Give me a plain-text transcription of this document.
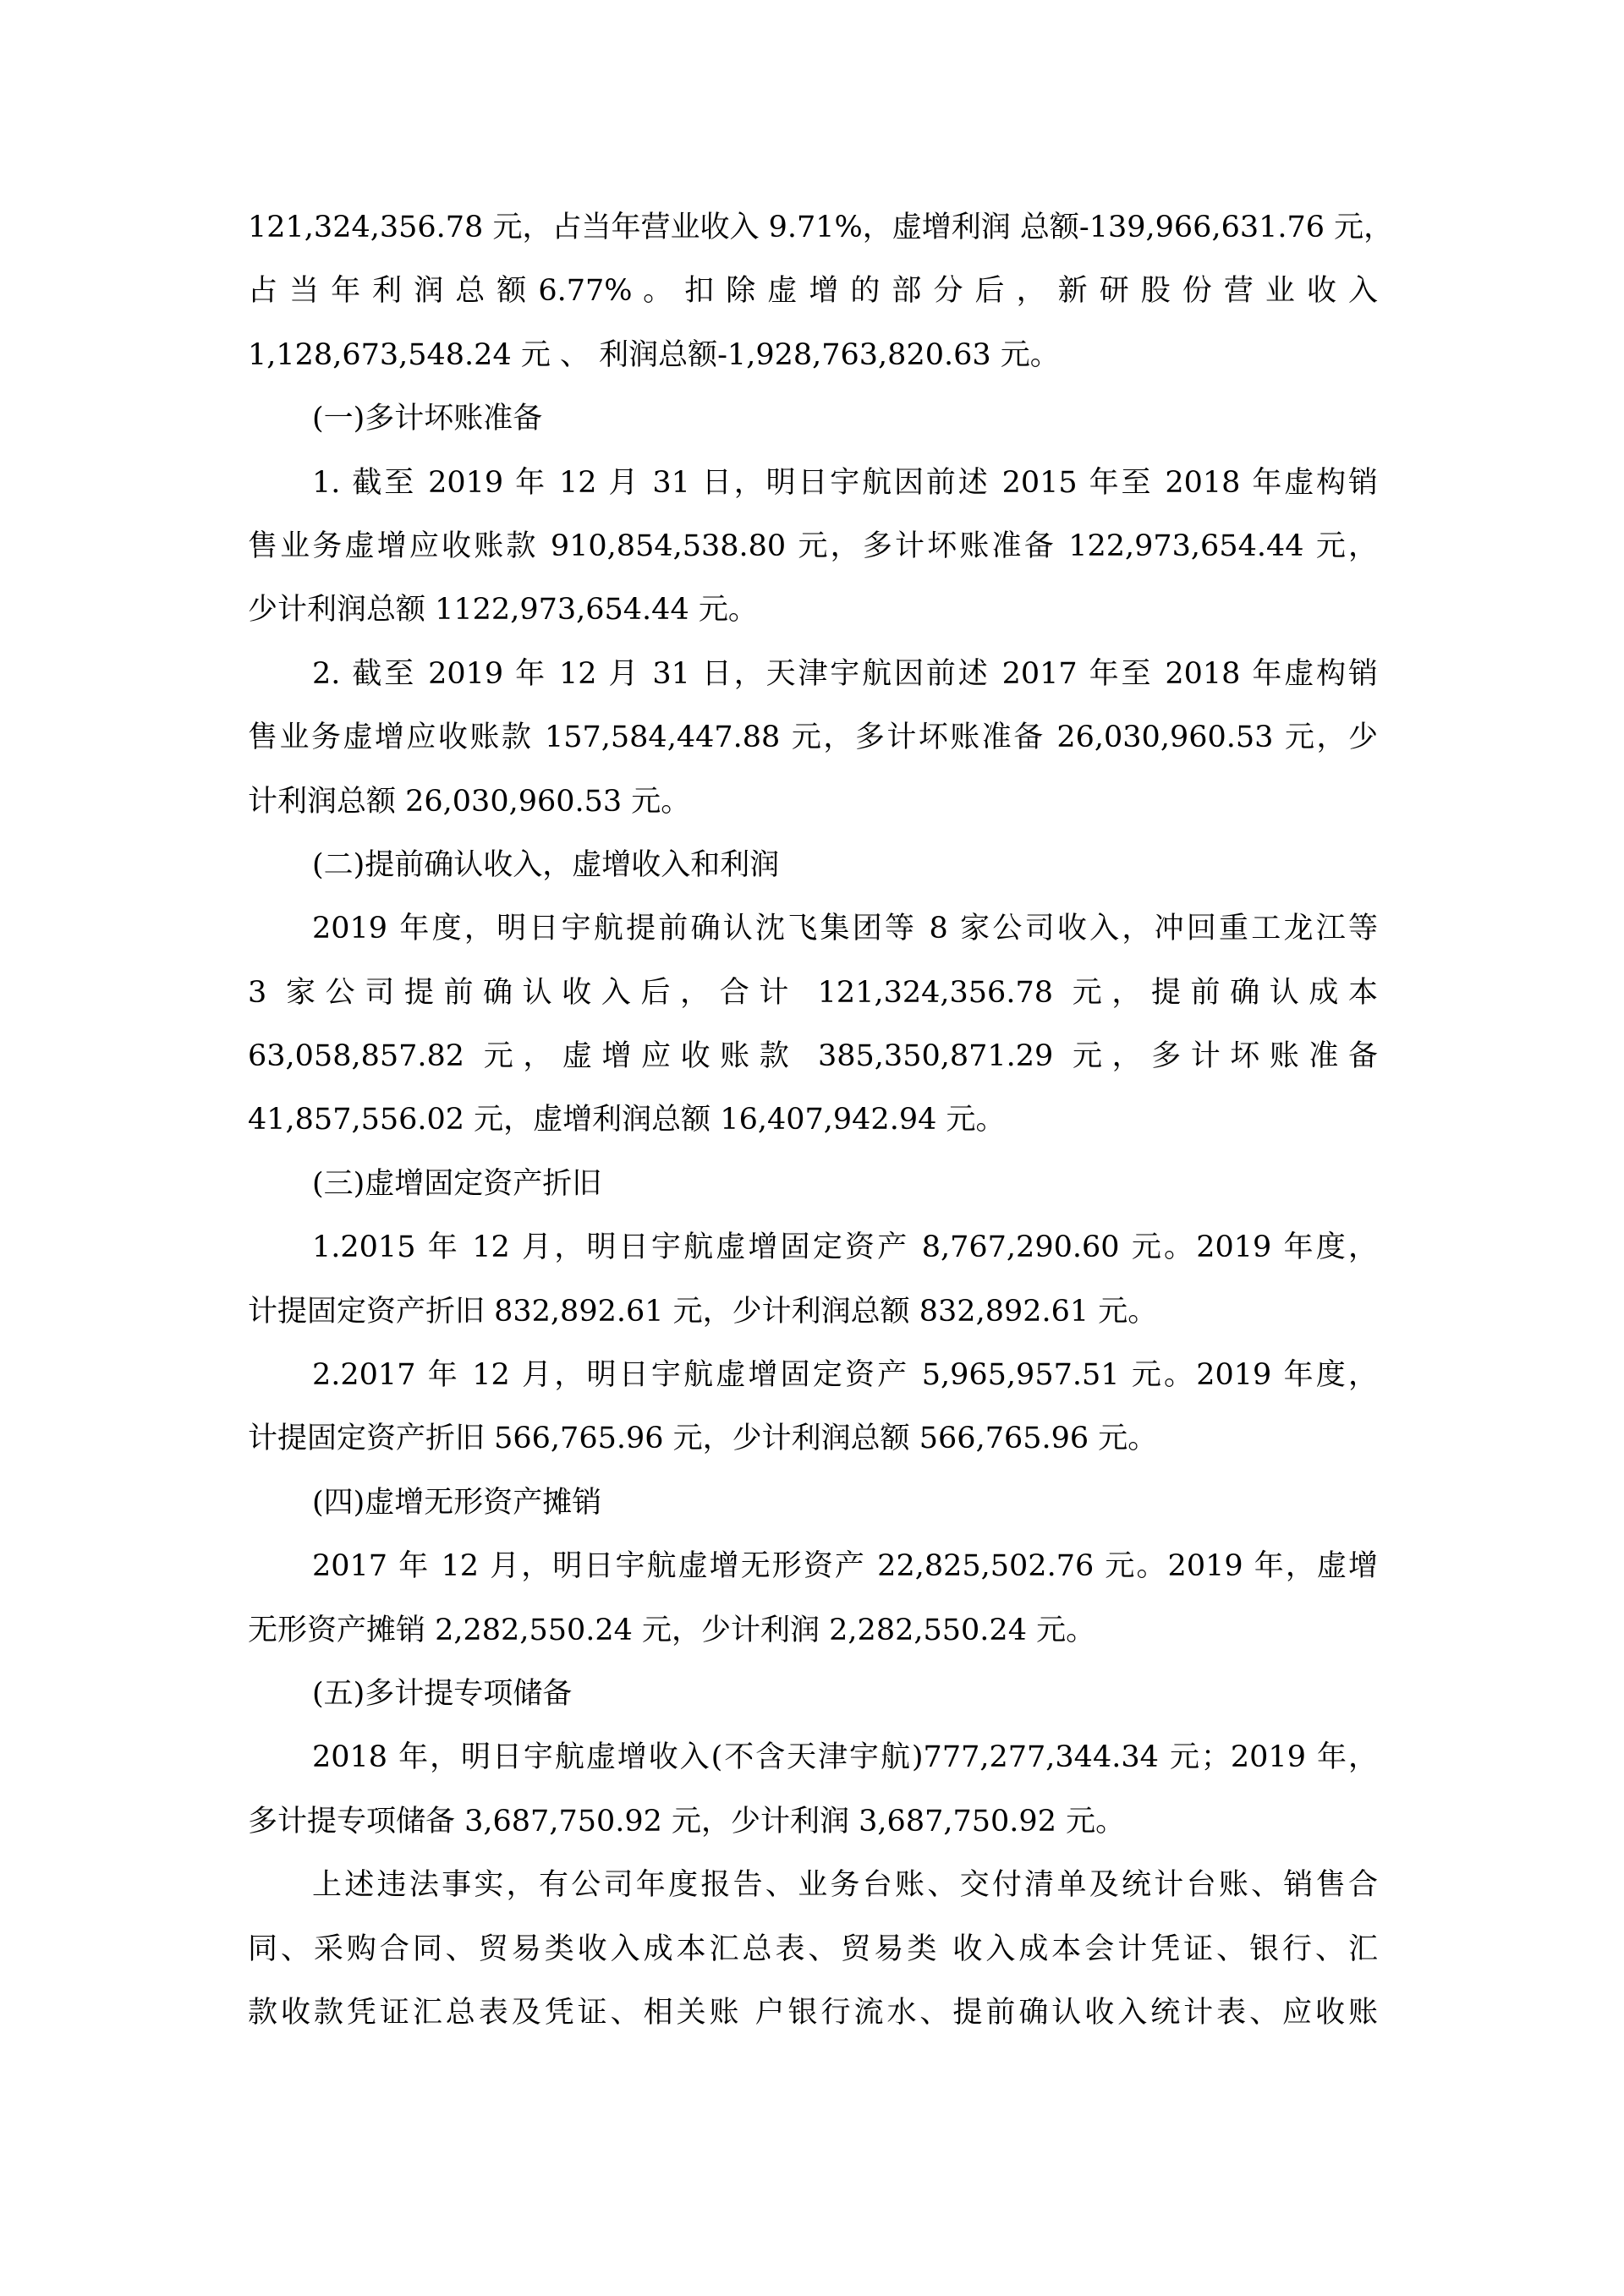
121,324,356.78 元，占当年营业收入 9.71%，虚增利润 总额-139,966,631.76 元，
占 当 年 利 润 总 额 6.77% 。 扣 除 虚 增 的 部 分 后 ， 新 研 股 份 营 业 收 入
1,128,673,548.24 元 、 利润总额-1,928,763,820.63 元。
(一)多计坏账准备
1. 截至 2019 年 12 月 31 日，明日宇航因前述 2015 年至 2018 年虚构销
售业务虚增应收账款 910,854,538.80 元，多计坏账准备 122,973,654.44 元，
少计利润总额 1122,973,654.44 元。
2. 截至 2019 年 12 月 31 日，天津宇航因前述 2017 年至 2018 年虚构销
售业务虚增应收账款 157,584,447.88 元，多计坏账准备 26,030,960.53 元，少
计利润总额 26,030,960.53 元。
(二)提前确认收入，虚增收入和利润
2019 年度，明日宇航提前确认沈飞集团等 8 家公司收入，冲回重工龙江等
3 家公司提前确认收入后，合计 121,324,356.78 元，提前确认成本
63,058,857.82 元，虚增应收账款 385,350,871.29 元，多计坏账准备
41,857,556.02 元，虚增利润总额 16,407,942.94 元。
(三)虚增固定资产折旧
1.2015 年 12 月，明日宇航虚增固定资产 8,767,290.60 元。2019 年度，
计提固定资产折旧 832,892.61 元，少计利润总额 832,892.61 元。
2.2017 年 12 月，明日宇航虚增固定资产 5,965,957.51 元。2019 年度，
计提固定资产折旧 566,765.96 元，少计利润总额 566,765.96 元。
(四)虚增无形资产摊销
2017 年 12 月，明日宇航虚增无形资产 22,825,502.76 元。2019 年，虚增
无形资产摊销 2,282,550.24 元，少计利润 2,282,550.24 元。
(五)多计提专项储备
2018 年，明日宇航虚增收入(不含天津宇航)777,277,344.34 元；2019 年，
多计提专项储备 3,687,750.92 元，少计利润 3,687,750.92 元。
上述违法事实，有公司年度报告、业务台账、交付清单及统计台账、销售合
同、采购合同、贸易类收入成本汇总表、贸易类 收入成本会计凭证、银行、汇
款收款凭证汇总表及凭证、相关账 户银行流水、提前确认收入统计表、应收账
